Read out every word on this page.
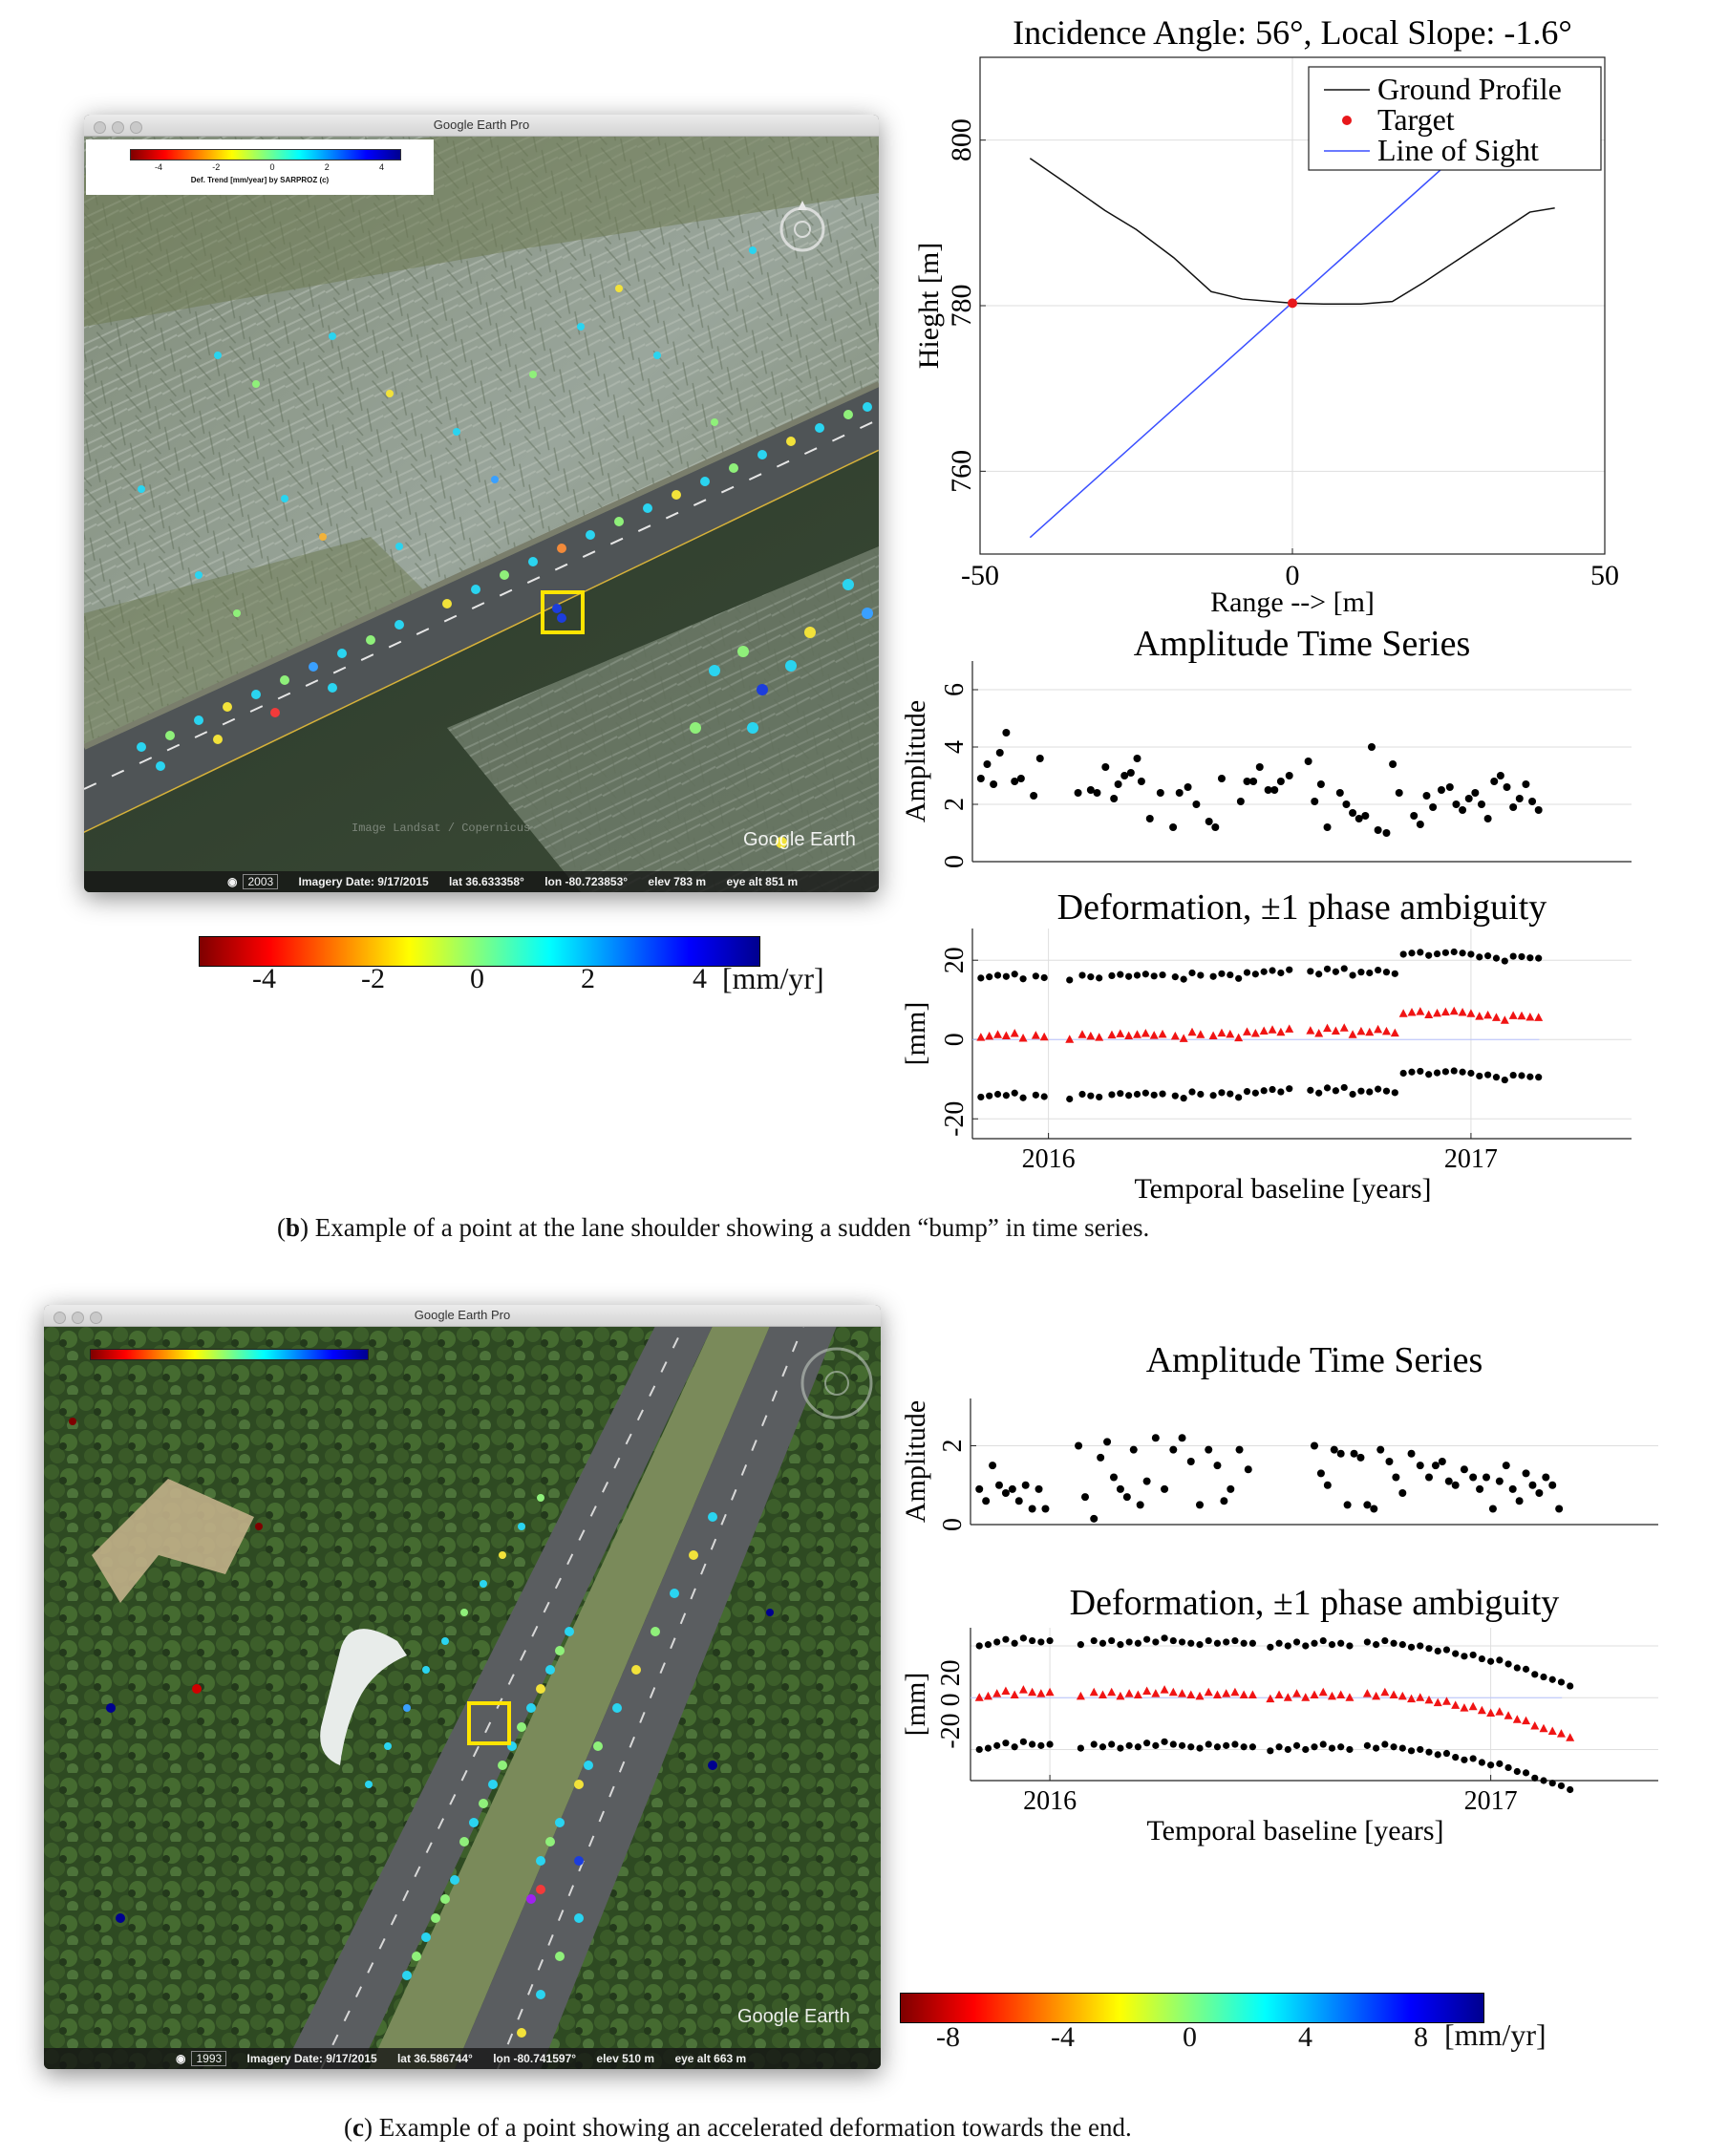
Google Earth Pro
-4	-2	0	2	4
Def. Trend [mm/year] by SARPROZ (c)
Image Landsat / Copernicus
Google Earth
◉ 2003 Imagery Date: 9/17/2015 lat 36.633358° lon -80.723853° elev 783 m eye alt 851 m
-4	-2	0	2	4 [mm/yr]
760
780
800
-50	0	50
Incidence Angle: 56°, Local Slope: -1.6°
Range --> [m]
Hieght [m]
Ground Profile
Target
Line of Sight
0
2
4
6
Amplitude Time Series
Amplitude
-20
0
20
2016	2017
Deformation, ±1 phase ambiguity
[mm]
Temporal baseline [years]
(b) Example of a point at the lane shoulder showing a sudden “bump” in time series.
Google Earth Pro
Google Earth
◉ 1993 Imagery Date: 9/17/2015 lat 36.586744° lon -80.741597° elev 510 m eye alt 663 m
0
2
Amplitude Time Series
Amplitude
2016	2017
Deformation, ±1 phase ambiguity
[mm] -20 0 20
Temporal baseline [years]
-8	-4	0	4	8 [mm/yr]
(c) Example of a point showing an accelerated deformation towards the end.
